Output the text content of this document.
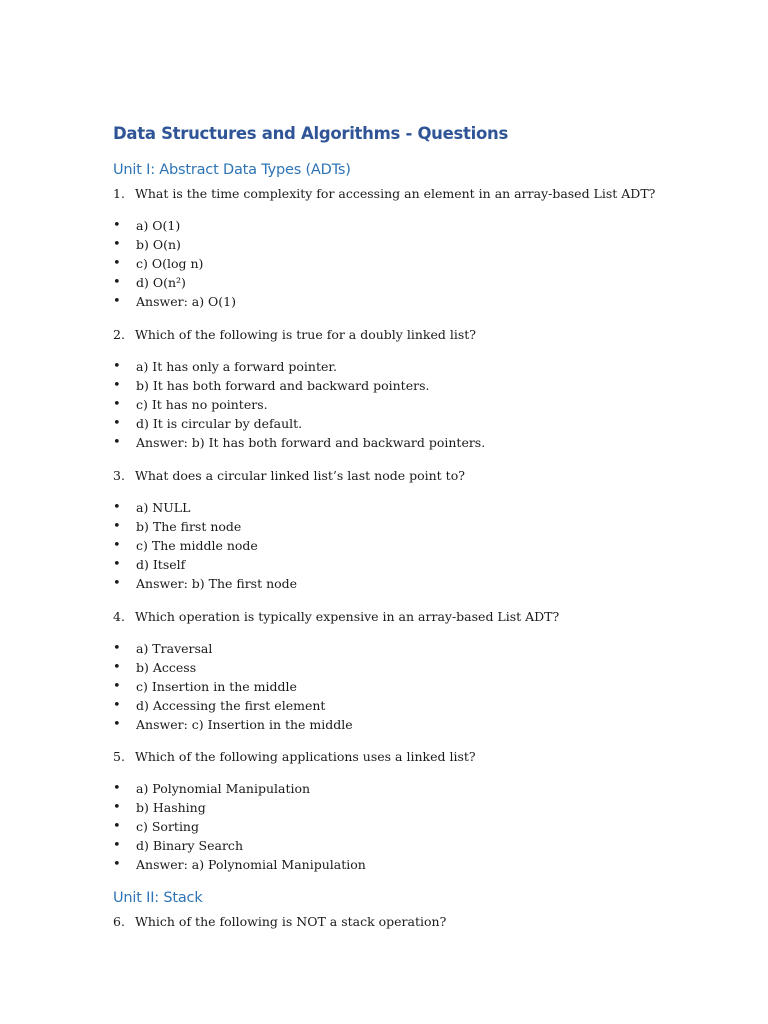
Data Structures and Algorithms - Questions
Unit I: Abstract Data Types (ADTs)
1. What is the time complexity for accessing an element in an array-based List ADT?
• a) O(1)
• b) O(n)
• c) O(log n)
• d) O(n²)
• Answer: a) O(1)
2. Which of the following is true for a doubly linked list?
• a) It has only a forward pointer.
• b) It has both forward and backward pointers.
• c) It has no pointers.
• d) It is circular by default.
• Answer: b) It has both forward and backward pointers.
3. What does a circular linked list’s last node point to?
• a) NULL
• b) The first node
• c) The middle node
• d) Itself
• Answer: b) The first node
4. Which operation is typically expensive in an array-based List ADT?
• a) Traversal
• b) Access
• c) Insertion in the middle
• d) Accessing the first element
• Answer: c) Insertion in the middle
5. Which of the following applications uses a linked list?
• a) Polynomial Manipulation
• b) Hashing
• c) Sorting
• d) Binary Search
• Answer: a) Polynomial Manipulation
Unit II: Stack
6. Which of the following is NOT a stack operation?
